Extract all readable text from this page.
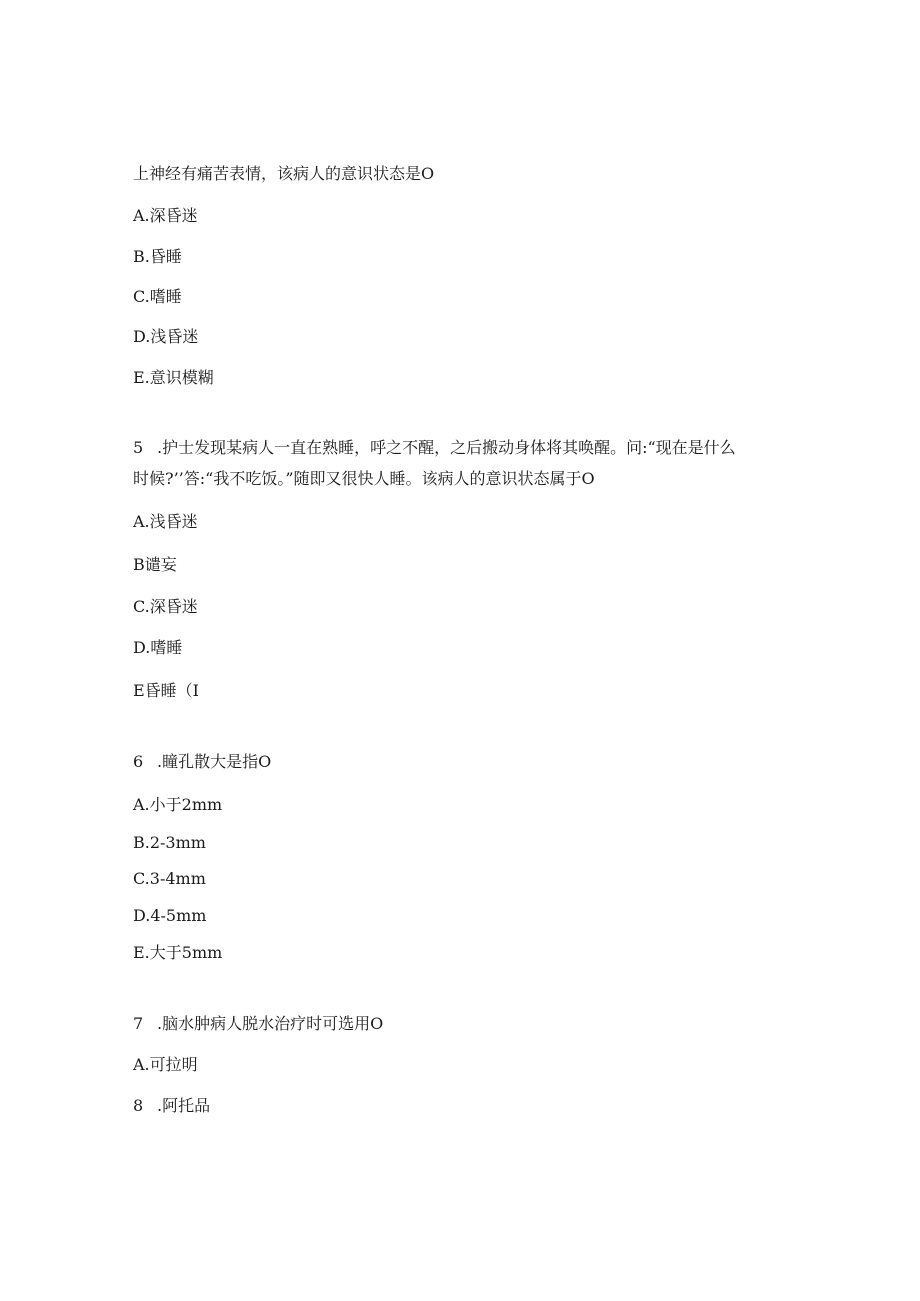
上神经有痛苦表情，该病人的意识状态是O
A.深昏迷
B.昏睡
C.嗜睡
D.浅昏迷
E.意识模糊
5 .护士发现某病人一直在熟睡，呼之不醒，之后搬动身体将其唤醒。问:“现在是什么
时候?’’答:“我不吃饭。”随即又很快人睡。该病人的意识状态属于O
A.浅昏迷
B谴妄
C.深昏迷
D.嗜睡
E昏睡（I
6 .瞳孔散大是指O
A.小于2mm
B.2-3mm
C.3-4mm
D.4-5mm
E.大于5mm
7 .脑水肿病人脱水治疗时可选用O
A.可拉明
8 .阿托品
